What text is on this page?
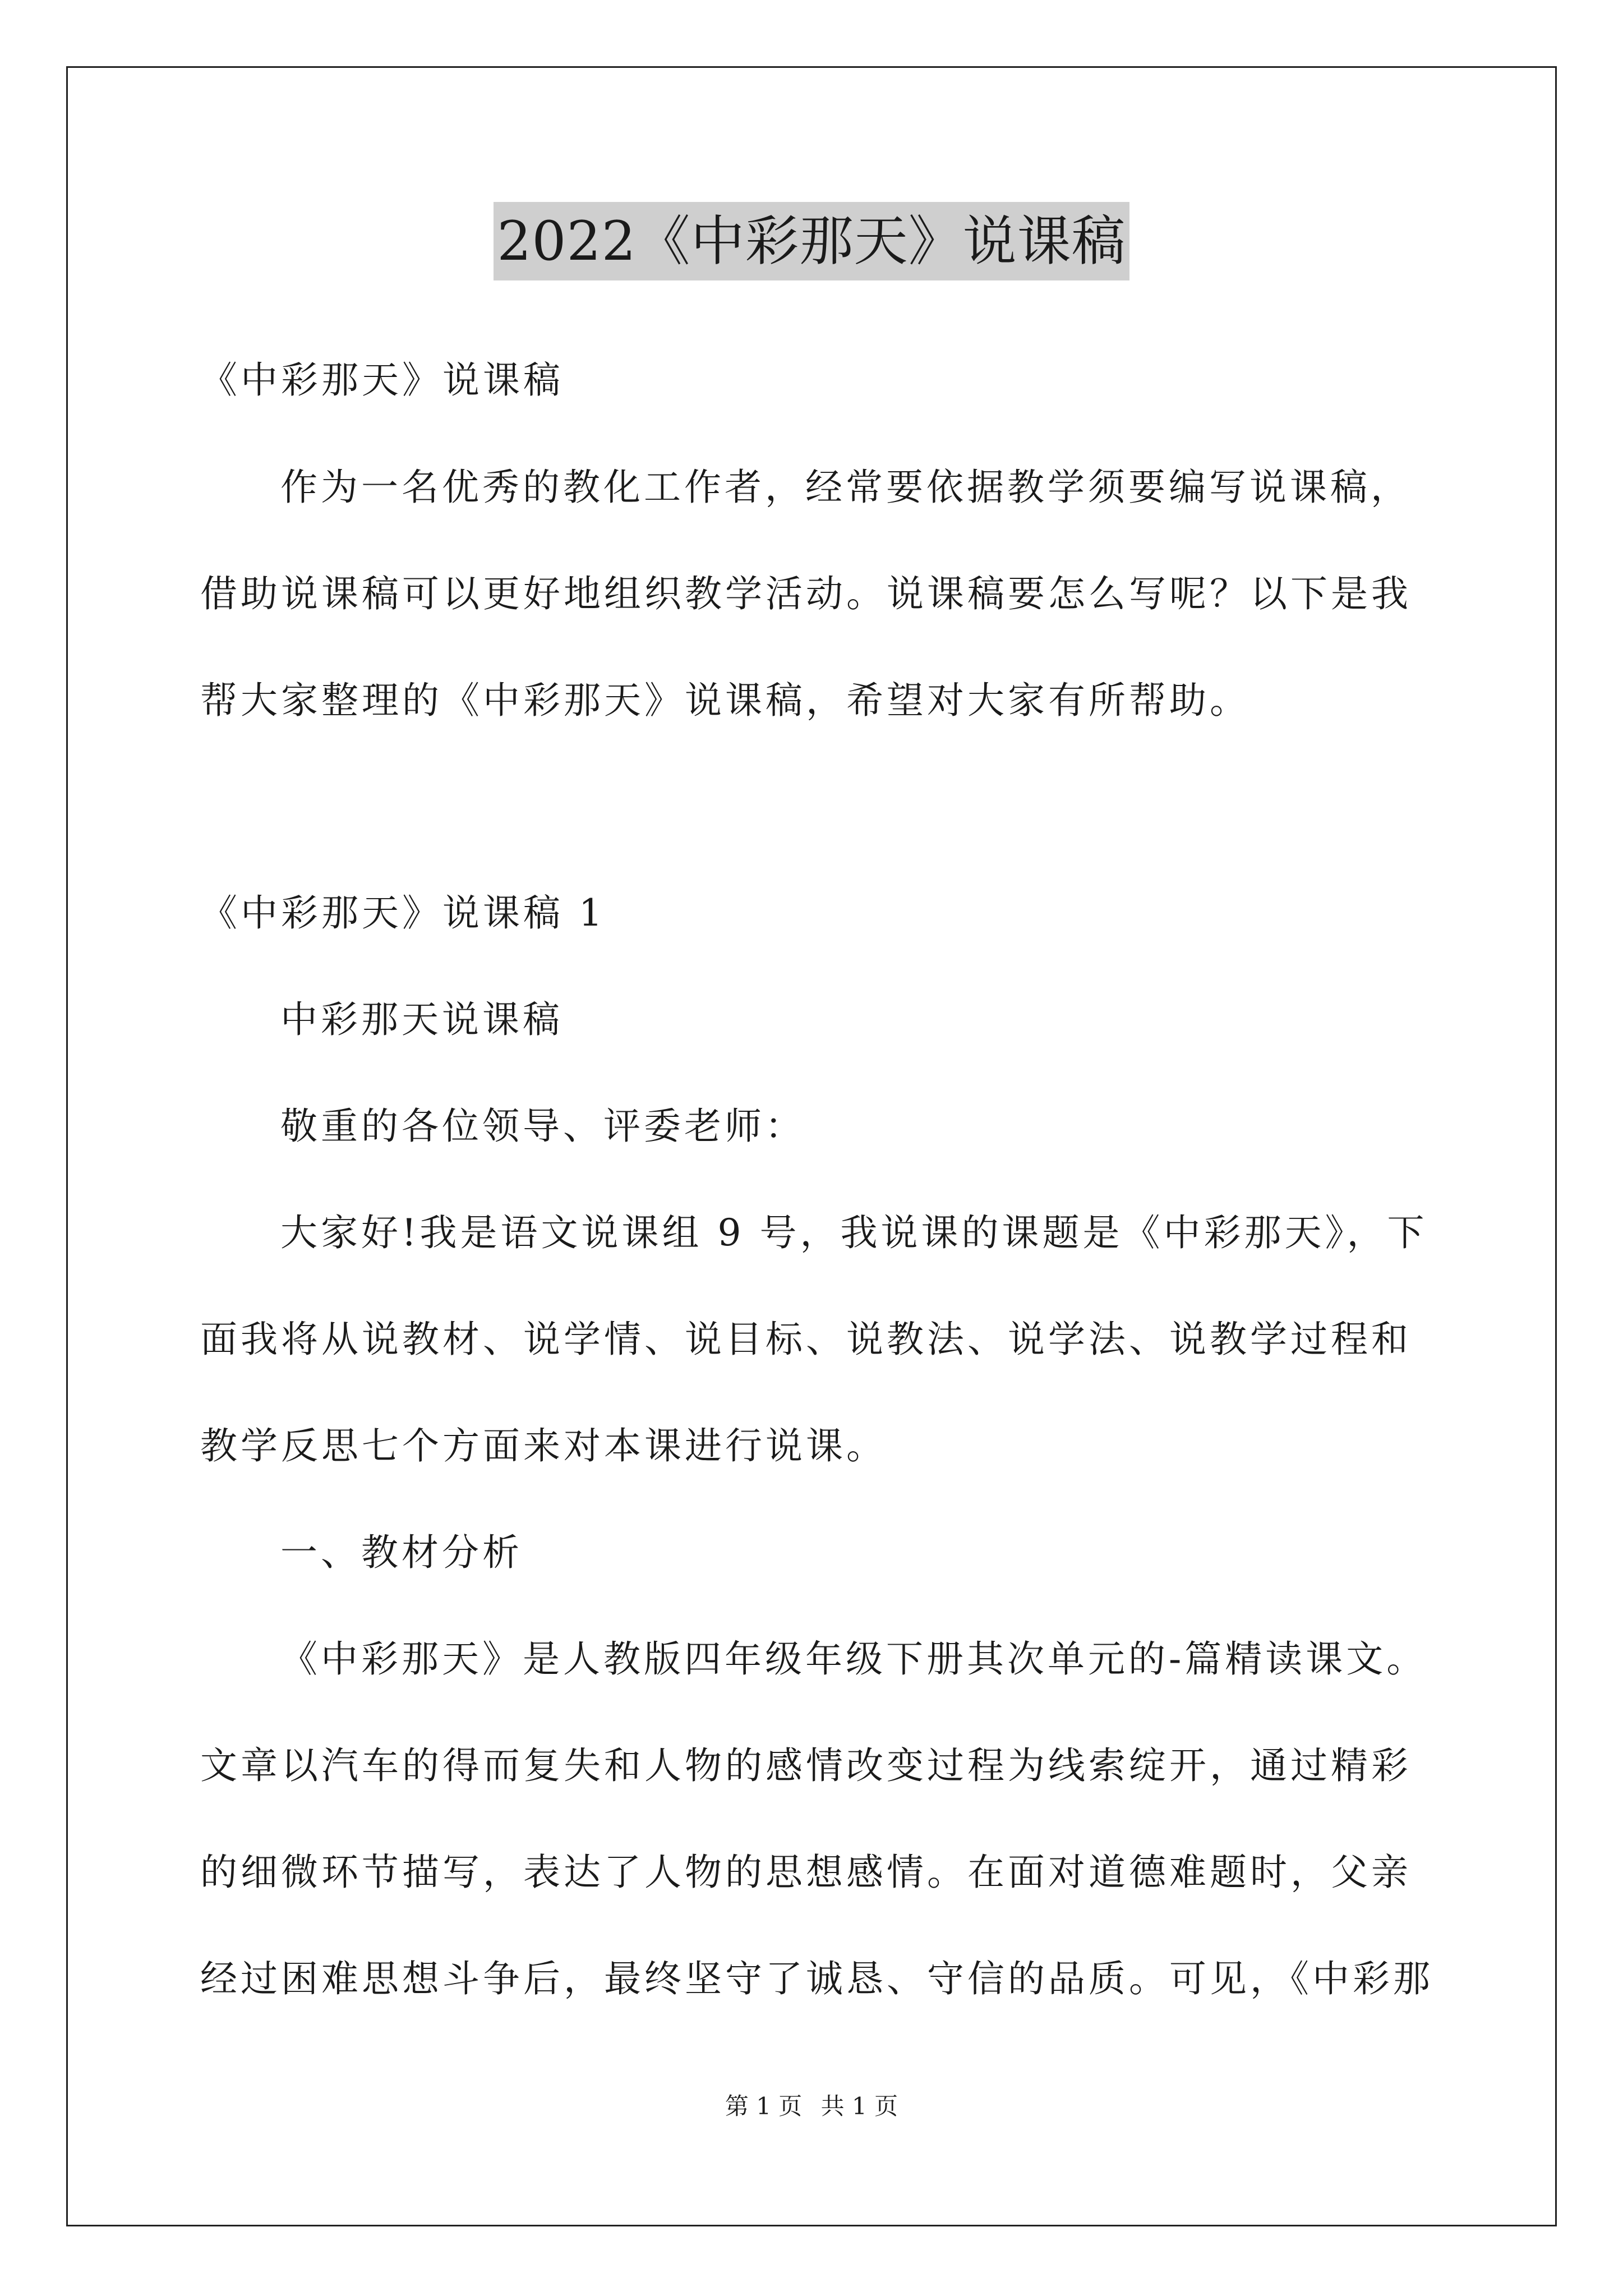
2022《中彩那天》说课稿
《中彩那天》说课稿
作为一名优秀的教化工作者，经常要依据教学须要编写说课稿，
借助说课稿可以更好地组织教学活动。说课稿要怎么写呢？以下是我
帮大家整理的《中彩那天》说课稿，希望对大家有所帮助。
《中彩那天》说课稿 1
中彩那天说课稿
敬重的各位领导、评委老师：
大家好!我是语文说课组 9 号，我说课的课题是《中彩那天》，下
面我将从说教材、说学情、说目标、说教法、说学法、说教学过程和
教学反思七个方面来对本课进行说课。
一、教材分析
《中彩那天》是人教版四年级年级下册其次单元的-篇精读课文。
文章以汽车的得而复失和人物的感情改变过程为线索绽开，通过精彩
的细微环节描写，表达了人物的思想感情。在面对道德难题时，父亲
经过困难思想斗争后，最终坚守了诚恳、守信的品质。可见，《中彩那
第 1 页 共 1 页
